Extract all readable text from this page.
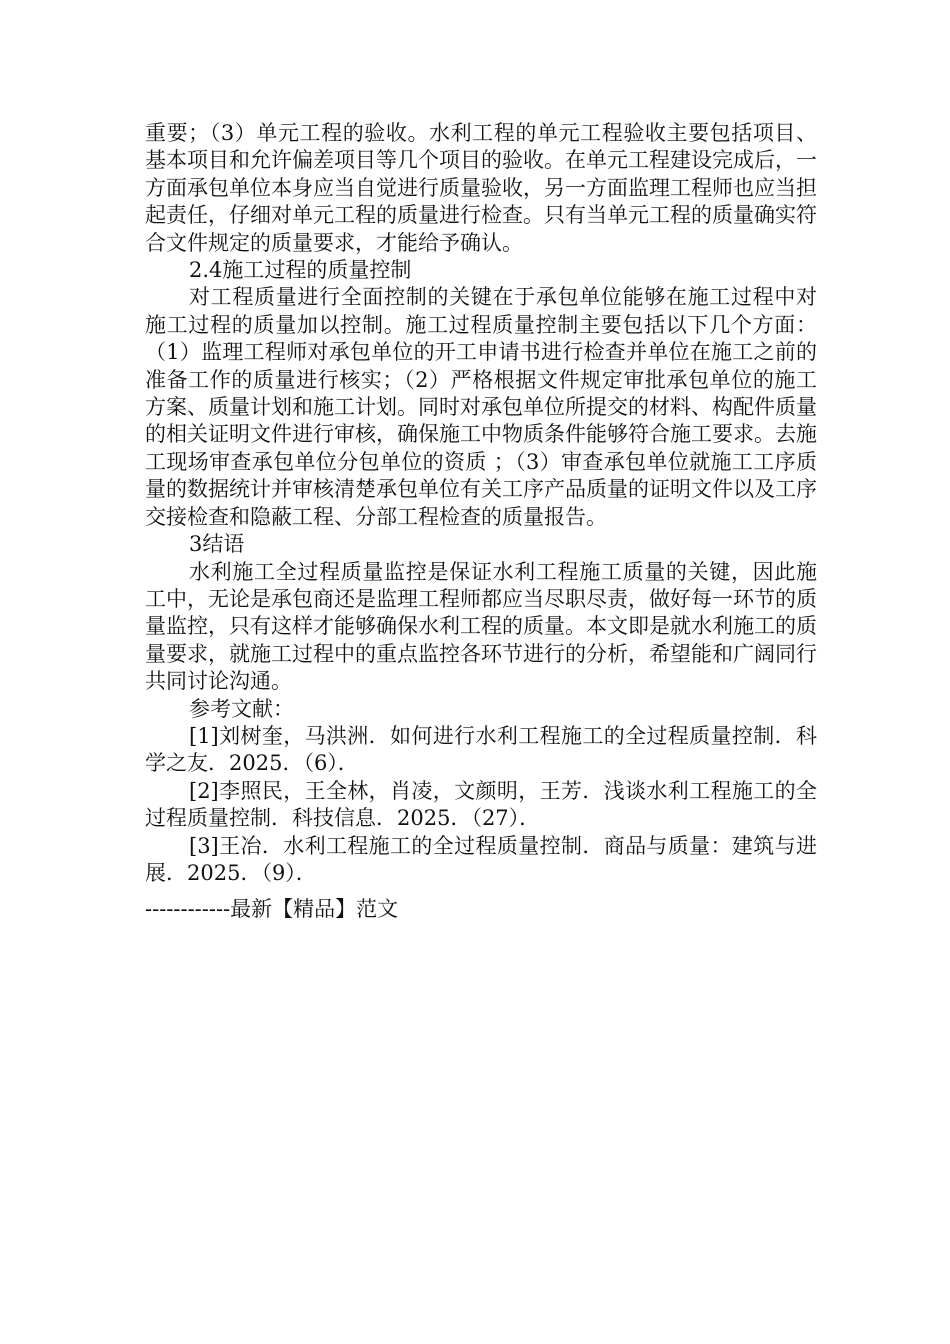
重要；（3）单元工程的验收。水利工程的单元工程验收主要包括项目、基本项目和允许偏差项目等几个项目的验收。在单元工程建设完成后，一方面承包单位本身应当自觉进行质量验收，另一方面监理工程师也应当担起责任，仔细对单元工程的质量进行检查。只有当单元工程的质量确实符合文件规定的质量要求，才能给予确认。

2.4施工过程的质量控制

对工程质量进行全面控制的关键在于承包单位能够在施工过程中对施工过程的质量加以控制。施工过程质量控制主要包括以下几个方面：（1）监理工程师对承包单位的开工申请书进行检查并单位在施工之前的准备工作的质量进行核实；（2）严格根据文件规定审批承包单位的施工方案、质量计划和施工计划。同时对承包单位所提交的材料、构配件质量的相关证明文件进行审核，确保施工中物质条件能够符合施工要求。去施工现场审查承包单位分包单位的资质 ；（3）审查承包单位就施工工序质量的数据统计并审核清楚承包单位有关工序产品质量的证明文件以及工序交接检查和隐蔽工程、分部工程检查的质量报告。

3结语

水利施工全过程质量监控是保证水利工程施工质量的关键，因此施工中，无论是承包商还是监理工程师都应当尽职尽责，做好每一环节的质量监控，只有这样才能够确保水利工程的质量。本文即是就水利施工的质量要求，就施工过程中的重点监控各环节进行的分析，希望能和广阔同行共同讨论沟通。

参考文献：

[1]刘树奎，马洪洲．如何进行水利工程施工的全过程质量控制．科学之友．2025．（6）．

[2]李照民，王全林，肖凌，文颜明，王芳．浅谈水利工程施工的全过程质量控制．科技信息．2025．（27）．

[3]王冶．水利工程施工的全过程质量控制．商品与质量：建筑与进展．2025．（9）．

------------最新【精品】范文
